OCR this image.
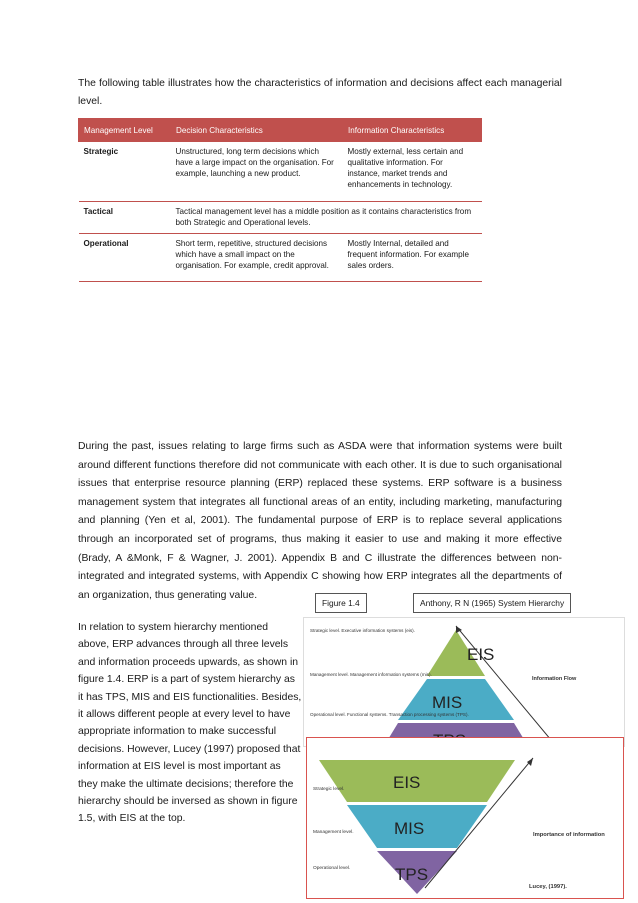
The following table illustrates how the characteristics of information and decisions affect each managerial level.

Management Level	Decision Characteristics	Information Characteristics
Strategic	Unstructured, long term decisions which have a large impact on the organisation. For example, launching a new product.	Mostly external, less certain and qualitative information. For instance, market trends and enhancements in technology.
Tactical	Tactical management level has a middle position as it contains characteristics from both Strategic and Operational levels.	
Operational	Short term, repetitive, structured decisions which have a small impact on the organisation. For example, credit approval.	Mostly Internal, detailed and frequent information. For example sales orders.

During the past, issues relating to large firms such as ASDA were that information systems were built around different functions therefore did not communicate with each other. It is due to such organisational issues that enterprise resource planning (ERP) replaced these systems. ERP software is a business management system that integrates all functional areas of an entity, including marketing, manufacturing and planning (Yen et al, 2001). The fundamental purpose of ERP is to replace several applications through an incorporated set of programs, thus making it easier to use and making it more effective (Brady, A &Monk, F & Wagner, J. 2001). Appendix B and C illustrate the differences between non-integrated and integrated systems, with Appendix C showing how ERP integrates all the departments of an organization, thus generating value.

In relation to system hierarchy mentioned above, ERP advances through all three levels and information proceeds upwards, as shown in figure 1.4. ERP is a part of system hierarchy as it has TPS, MIS and EIS functionalities. Besides, it allows different people at every level to have appropriate information to make successful decisions. However, Lucey (1997) proposed that information at EIS level is most important as they make the ultimate decisions; therefore the hierarchy should be inversed as shown in figure 1.5, with EIS at the top.

Figure 1.4	Anthony, R N (1965) System Hierarchy
EIS
MIS
Information Flow
Strategic level. Executive information systems (eis).
Management level. Management information systems (mis).
Operational level. Functional systems. Transaction processing systems (TPS).
EIS
MIS
TPS
Strategic level.
Management level.
Operational level.
Importance of information
Lucey, (1997).
